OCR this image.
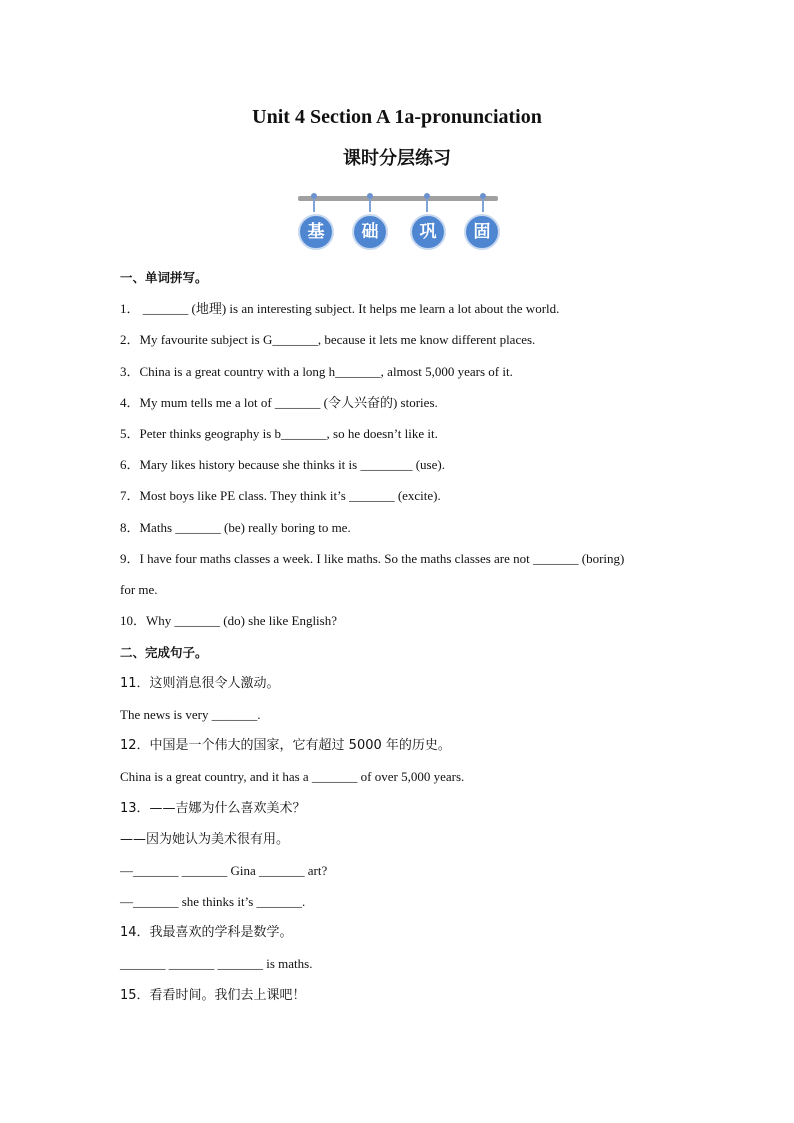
Unit 4 Section A 1a-pronunciation
课时分层练习
基	础	巩	固
一、单词拼写。
1． _______ (地理) is an interesting subject. It helps me learn a lot about the world.
2．My favourite subject is G_______, because it lets me know different places.
3．China is a great country with a long h_______, almost 5,000 years of it.
4．My mum tells me a lot of _______ (令人兴奋的) stories.
5．Peter thinks geography is b_______, so he doesn’t like it.
6．Mary likes history because she thinks it is ________ (use).
7．Most boys like PE class. They think it’s _______ (excite).
8．Maths _______ (be) really boring to me.
9．I have four maths classes a week. I like maths. So the maths classes are not _______ (boring)
for me.
10．Why _______ (do) she like English?
二、完成句子。
11．这则消息很令人激动。
The news is very _______.
12．中国是一个伟大的国家，它有超过 5000 年的历史。
China is a great country, and it has a _______ of over 5,000 years.
13．——吉娜为什么喜欢美术？
——因为她认为美术很有用。
—_______ _______ Gina _______ art?
—_______ she thinks it’s _______.
14．我最喜欢的学科是数学。
_______ _______ _______ is maths.
15．看看时间。我们去上课吧！
